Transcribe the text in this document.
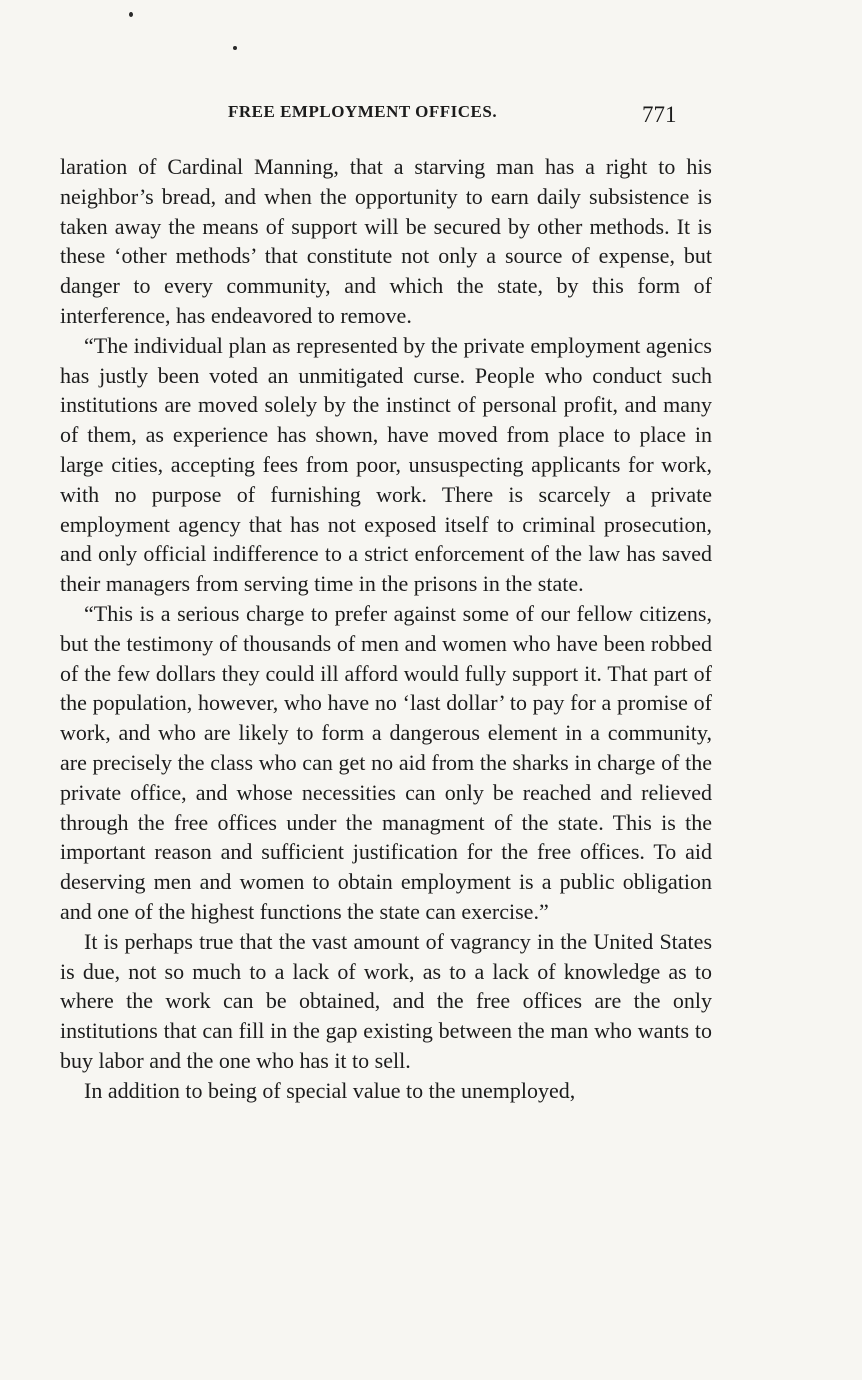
FREE EMPLOYMENT OFFICES.	771

laration of Cardinal Manning, that a starving man has a right to his neighbor’s bread, and when the opportunity to earn daily subsistence is taken away the means of support will be secured by other methods. It is these ‘other methods’ that constitute not only a source of expense, but danger to every community, and which the state, by this form of interference, has endeavored to remove.

“The individual plan as represented by the private employment agenics has justly been voted an unmitigated curse. People who conduct such institutions are moved solely by the instinct of personal profit, and many of them, as experience has shown, have moved from place to place in large cities, accepting fees from poor, unsuspecting applicants for work, with no purpose of furnishing work. There is scarcely a private employment agency that has not exposed itself to criminal prosecution, and only official indifference to a strict enforcement of the law has saved their managers from serving time in the prisons in the state.

“This is a serious charge to prefer against some of our fellow citizens, but the testimony of thousands of men and women who have been robbed of the few dollars they could ill afford would fully support it. That part of the population, however, who have no ‘last dollar’ to pay for a promise of work, and who are likely to form a dangerous element in a community, are precisely the class who can get no aid from the sharks in charge of the private office, and whose necessities can only be reached and relieved through the free offices under the managment of the state. This is the important reason and sufficient justification for the free offices. To aid deserving men and women to obtain employment is a public obligation and one of the highest functions the state can exercise.”

It is perhaps true that the vast amount of vagrancy in the United States is due, not so much to a lack of work, as to a lack of knowledge as to where the work can be obtained, and the free offices are the only institutions that can fill in the gap existing between the man who wants to buy labor and the one who has it to sell.

In addition to being of special value to the unemployed,
